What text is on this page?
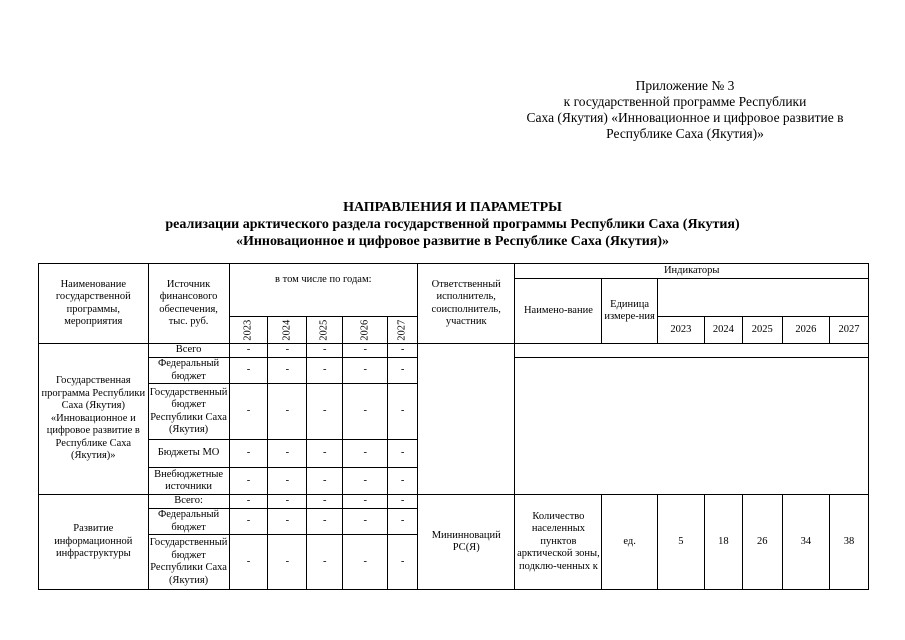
Приложение № 3
к государственной программе Республики
Саха (Якутия) «Инновационное и цифровое развитие в
Республике Саха (Якутия)»
НАПРАВЛЕНИЯ И ПАРАМЕТРЫ
реализации арктического раздела государственной программы Республики Саха (Якутия)
«Инновационное и цифровое развитие в Республике Саха (Якутия)»
Наименование государственной программы, мероприятия	Источник финансового обеспечения, тыс. руб.	в том числе по годам:					Ответственный исполнитель, соисполнитель, участник	Индикаторы						
								Наимено-вание	Единица измере-ния					
		2023	2024	2025	2026	2027				2023	2024	2025	2026	2027
Государственная программа Республики Саха (Якутия) «Инновационное и цифровое развитие в Республике Саха (Якутия)»	Всего	-	-	-	-	-								
	Федеральный бюджет	-	-	-	-	-								
	Государственный бюджет Республики Саха (Якутия)	-	-	-	-	-								
	Бюджеты МО	-	-	-	-	-								
	Внебюджетные источники	-	-	-	-	-								
Развитие информационной инфраструктуры	Всего:	-	-	-	-	-	Мининноваций РС(Я)	Количество населенных пунктов арктической зоны, подклю-ченных к	ед.	5	18	26	34	38
	Федеральный бюджет	-	-	-	-	-								
	Государственный бюджет Республики Саха (Якутия)	-	-	-	-	-								
